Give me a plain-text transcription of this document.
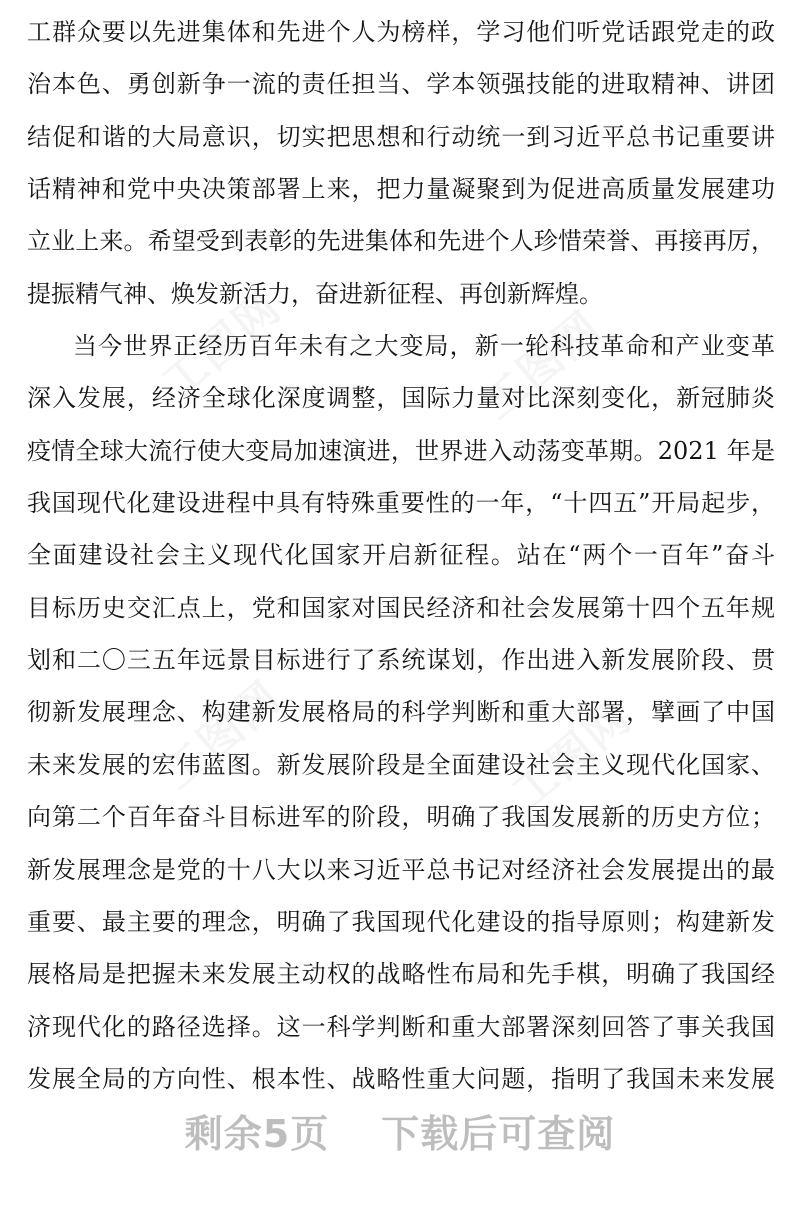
工群众要以先进集体和先进个人为榜样，学习他们听党话跟党走的政
治本色、勇创新争一流的责任担当、学本领强技能的进取精神、讲团
结促和谐的大局意识，切实把思想和行动统一到习近平总书记重要讲
话精神和党中央决策部署上来，把力量凝聚到为促进高质量发展建功
立业上来。希望受到表彰的先进集体和先进个人珍惜荣誉、再接再厉，
提振精气神、焕发新活力，奋进新征程、再创新辉煌。
当今世界正经历百年未有之大变局，新一轮科技革命和产业变革
深入发展，经济全球化深度调整，国际力量对比深刻变化，新冠肺炎
疫情全球大流行使大变局加速演进，世界进入动荡变革期。2021 年是
我国现代化建设进程中具有特殊重要性的一年，“十四五”开局起步，
全面建设社会主义现代化国家开启新征程。站在“两个一百年”奋斗
目标历史交汇点上，党和国家对国民经济和社会发展第十四个五年规
划和二〇三五年远景目标进行了系统谋划，作出进入新发展阶段、贯
彻新发展理念、构建新发展格局的科学判断和重大部署，擘画了中国
未来发展的宏伟蓝图。新发展阶段是全面建设社会主义现代化国家、
向第二个百年奋斗目标进军的阶段，明确了我国发展新的历史方位；
新发展理念是党的十八大以来习近平总书记对经济社会发展提出的最
重要、最主要的理念，明确了我国现代化建设的指导原则；构建新发
展格局是把握未来发展主动权的战略性布局和先手棋，明确了我国经
济现代化的路径选择。这一科学判断和重大部署深刻回答了事关我国
发展全局的方向性、根本性、战略性重大问题，指明了我国未来发展
剩余5页 下载后可查阅
